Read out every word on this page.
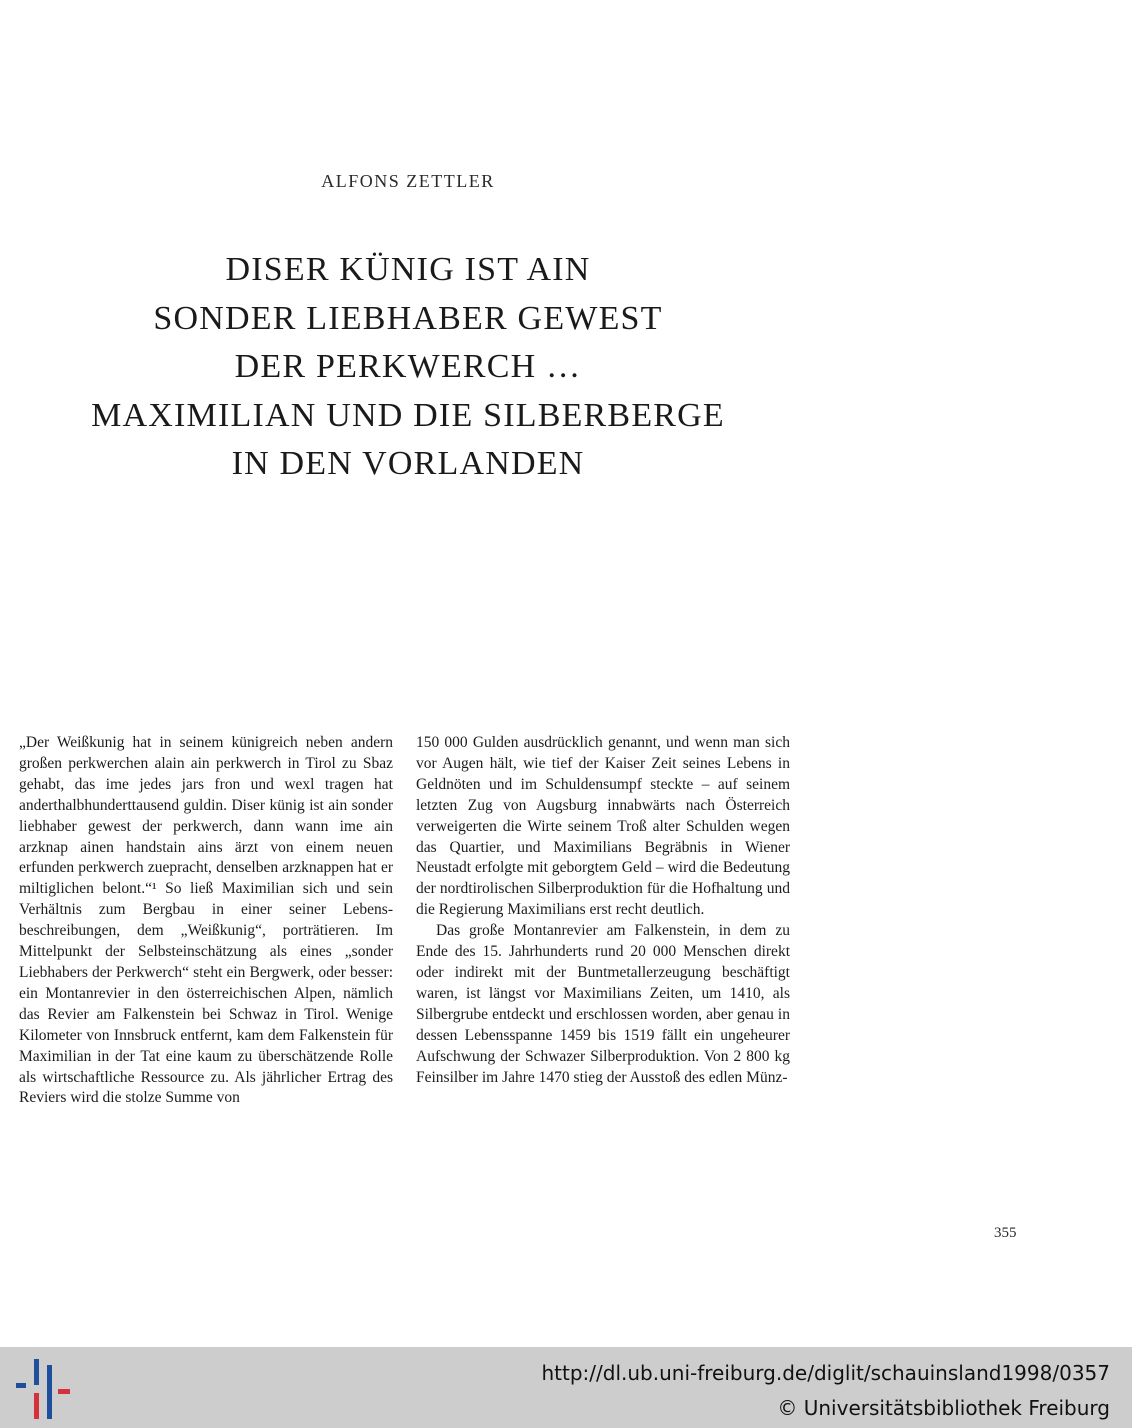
ALFONS ZETTLER
DISER KÜNIG IST AIN
SONDER LIEBHABER GEWEST
DER PERKWERCH …
MAXIMILIAN UND DIE SILBERBERGE
IN DEN VORLANDEN

„Der Weißkunig hat in seinem künigreich neben andern großen perkwerchen alain ain perkwerch in Tirol zu Sbaz gehabt, das ime jedes jars fron und wexl tragen hat anderthalbhunderttausend guldin. Diser künig ist ain sonder liebhaber gewest der perkwerch, dann wann ime ain arzknap ainen handstain ains ärzt von einem neuen erfunden perkwerch zuepracht, denselben arzknappen hat er miltiglichen belont.“¹ So ließ Maximilian sich und sein Verhältnis zum Bergbau in einer seiner Lebensbeschreibungen, dem „Weißkunig“, porträtieren. Im Mittelpunkt der Selbsteinschätzung als eines „sonder Liebhabers der Perkwerch“ steht ein Bergwerk, oder besser: ein Montanrevier in den österreichischen Alpen, nämlich das Revier am Falkenstein bei Schwaz in Tirol. Wenige Kilometer von Innsbruck entfernt, kam dem Falkenstein für Maximilian in der Tat eine kaum zu überschätzende Rolle als wirtschaftliche Ressource zu. Als jährlicher Ertrag des Reviers wird die stolze Summe von

150 000 Gulden ausdrücklich genannt, und wenn man sich vor Augen hält, wie tief der Kaiser Zeit seines Lebens in Geldnöten und im Schuldensumpf steckte – auf seinem letzten Zug von Augsburg innabwärts nach Österreich verweigerten die Wirte seinem Troß alter Schulden wegen das Quartier, und Maximilians Begräbnis in Wiener Neustadt erfolgte mit geborgtem Geld – wird die Bedeutung der nordtirolischen Silberproduktion für die Hofhaltung und die Regierung Maximilians erst recht deutlich.

Das große Montanrevier am Falkenstein, in dem zu Ende des 15. Jahrhunderts rund 20 000 Menschen direkt oder indirekt mit der Buntmetallerzeugung beschäftigt waren, ist längst vor Maximilians Zeiten, um 1410, als Silbergrube entdeckt und erschlossen worden, aber genau in dessen Lebensspanne 1459 bis 1519 fällt ein ungeheurer Aufschwung der Schwazer Silberproduktion. Von 2 800 kg Feinsilber im Jahre 1470 stieg der Ausstoß des edlen Münz-

355
http://dl.ub.uni-freiburg.de/diglit/schauinsland1998/0357
© Universitätsbibliothek Freiburg
